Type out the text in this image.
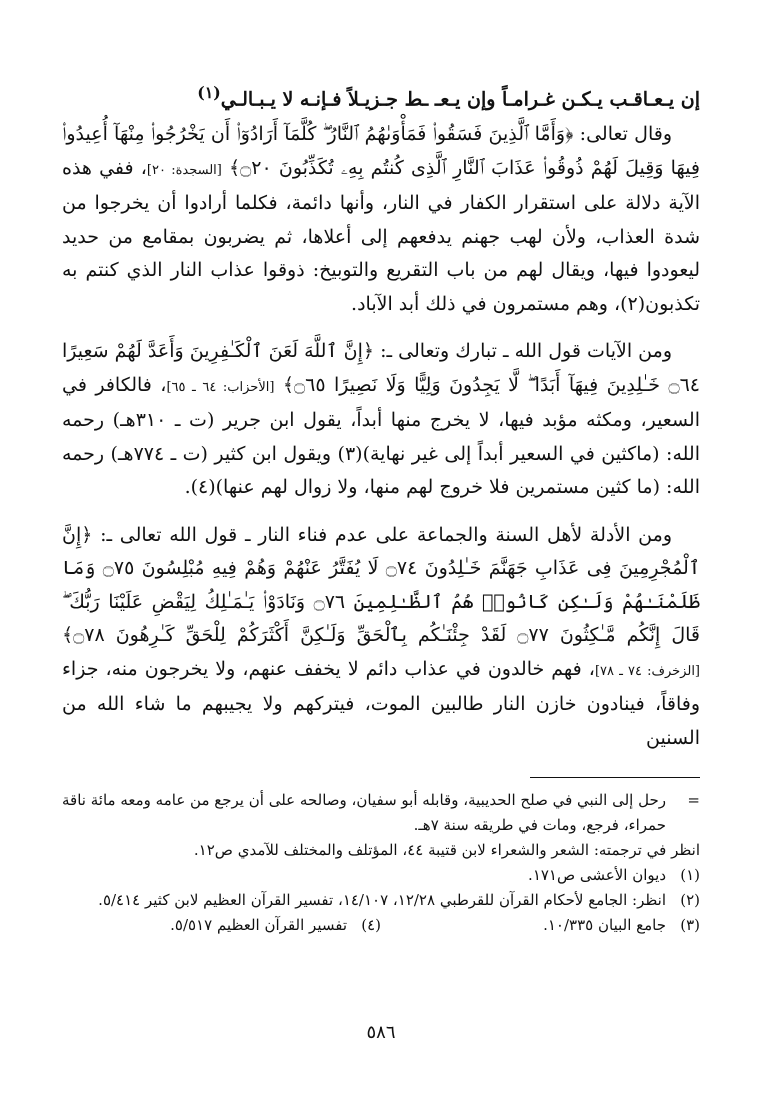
إن يـعـاقـب يـكـن غـرامـاً وإن يـعـ ـط جـزيـلاً فـإنـه لا يـبـالـي$^{(١)}$

وقال تعالى: ﴿وَأَمَّا ٱلَّذِينَ فَسَقُوا۟ فَمَأْوَىٰهُمُ ٱلنَّارُ ۖ كُلَّمَآ أَرَادُوٓا۟ أَن يَخْرُجُوا۟ مِنْهَآ أُعِيدُوا۟ فِيهَا وَقِيلَ لَهُمْ ذُوقُوا۟ عَذَابَ ٱلنَّارِ ٱلَّذِى كُنتُم بِهِۦ تُكَذِّبُونَ ۝٢٠﴾ [السجدة: ٢٠]، ففي هذه الآية دلالة على استقرار الكفار في النار، وأنها دائمة، فكلما أرادوا أن يخرجوا من شدة العذاب، ولأن لهب جهنم يدفعهم إلى أعلاها، ثم يضربون بمقامع من حديد ليعودوا فيها، ويقال لهم من باب التقريع والتوبيخ: ذوقوا عذاب النار الذي كنتم به تكذبون(٢)، وهم مستمرون في ذلك أبد الآباد.

ومن الآيات قول الله ـ تبارك وتعالى ـ: ﴿إِنَّ ٱللَّهَ لَعَنَ ٱلْكَـٰفِرِينَ وَأَعَدَّ لَهُمْ سَعِيرًا ۝٦٤ خَـٰلِدِينَ فِيهَآ أَبَدًا ۖ لَّا يَجِدُونَ وَلِيًّا وَلَا نَصِيرًا ۝٦٥﴾ [الأحزاب: ٦٤ ـ ٦٥]، فالكافر في السعير، ومكثه مؤبد فيها، لا يخرج منها أبداً، يقول ابن جرير (ت ـ ٣١٠هـ) رحمه الله: (ماكثين في السعير أبداً إلى غير نهاية)(٣) ويقول ابن كثير (ت ـ ٧٧٤هـ) رحمه الله: (ما كثين مستمرين فلا خروج لهم منها، ولا زوال لهم عنها)(٤).

ومن الأدلة لأهل السنة والجماعة على عدم فناء النار ـ قول الله تعالى ـ: ﴿إِنَّ ٱلْمُجْرِمِينَ فِى عَذَابِ جَهَنَّمَ خَـٰلِدُونَ ۝٧٤ لَا يُفَتَّرُ عَنْهُمْ وَهُمْ فِيهِ مُبْلِسُونَ ۝٧٥ وَمَا ظَلَمْنَـٰهُمْ وَلَـٰكِن كَانُوا۟ هُمُ ٱلظَّـٰلِمِينَ ۝٧٦ وَنَادَوْا۟ يَـٰمَـٰلِكُ لِيَقْضِ عَلَيْنَا رَبُّكَ ۖ قَالَ إِنَّكُم مَّـٰكِثُونَ ۝٧٧ لَقَدْ جِئْنَـٰكُم بِٱلْحَقِّ وَلَـٰكِنَّ أَكْثَرَكُمْ لِلْحَقِّ كَـٰرِهُونَ ۝٧٨﴾ [الزخرف: ٧٤ ـ ٧٨]، فهم خالدون في عذاب دائم لا يخفف عنهم، ولا يخرجون منه، جزاء وفاقاً، فينادون خازن النار طالبين الموت، فيتركهم ولا يجيبهم ما شاء الله من السنين

=
رحل إلى النبي في صلح الحديبية، وقابله أبو سفيان، وصالحه على أن يرجع من عامه ومعه مائة ناقة حمراء، فرجع، ومات في طريقه سنة ٧هـ.
انظر في ترجمته: الشعر والشعراء لابن قتيبة ٤٤، المؤتلف والمختلف للآمدي ص١٢.
(١)
ديوان الأعشى ص١٧١.
(٢)
انظر: الجامع لأحكام القرآن للقرطبي ١٢/٢٨، ١٤/١٠٧، تفسير القرآن العظيم لابن كثير ٥/٤١٤.
(٣)
جامع البيان ١٠/٣٣٥.
(٤)
تفسير القرآن العظيم ٥/٥١٧.
٥٨٦
